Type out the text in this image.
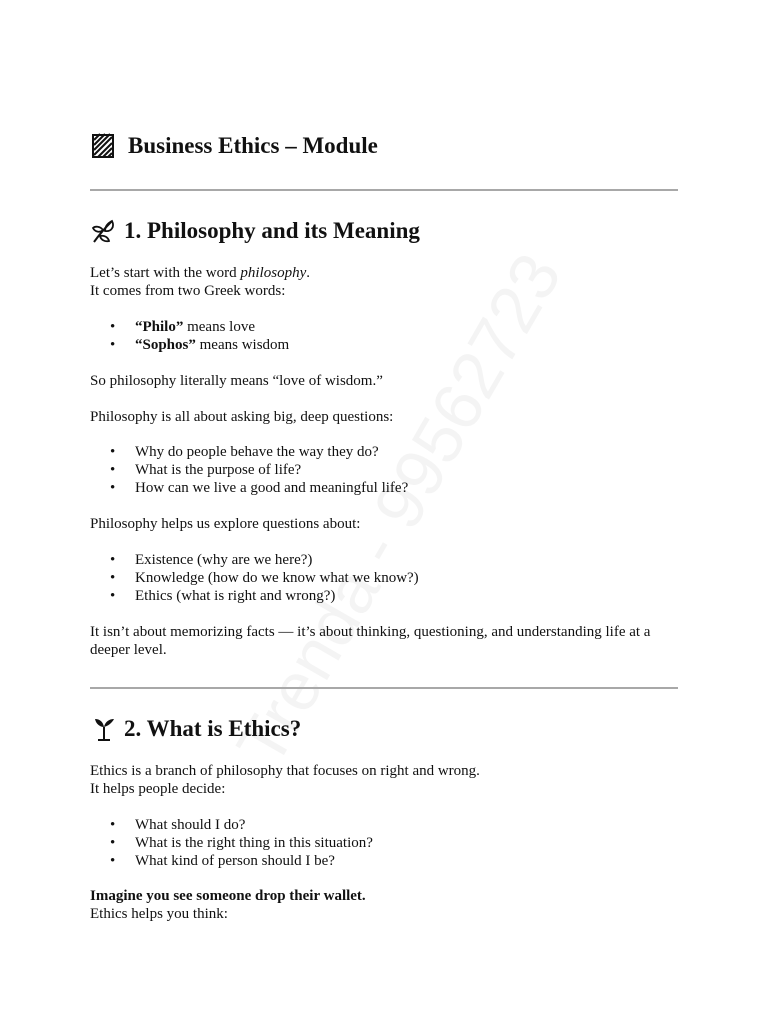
Business Ethics – Module
1. Philosophy and its Meaning
Let’s start with the word philosophy.
It comes from two Greek words:
• “Philo” means love
• “Sophos” means wisdom
So philosophy literally means “love of wisdom.”
Philosophy is all about asking big, deep questions:
• Why do people behave the way they do?
• What is the purpose of life?
• How can we live a good and meaningful life?
Philosophy helps us explore questions about:
• Existence (why are we here?)
• Knowledge (how do we know what we know?)
• Ethics (what is right and wrong?)
It isn’t about memorizing facts — it’s about thinking, questioning, and understanding life at a deeper level.
2. What is Ethics?
Ethics is a branch of philosophy that focuses on right and wrong.
It helps people decide:
• What should I do?
• What is the right thing in this situation?
• What kind of person should I be?
Imagine you see someone drop their wallet.
Ethics helps you think:
